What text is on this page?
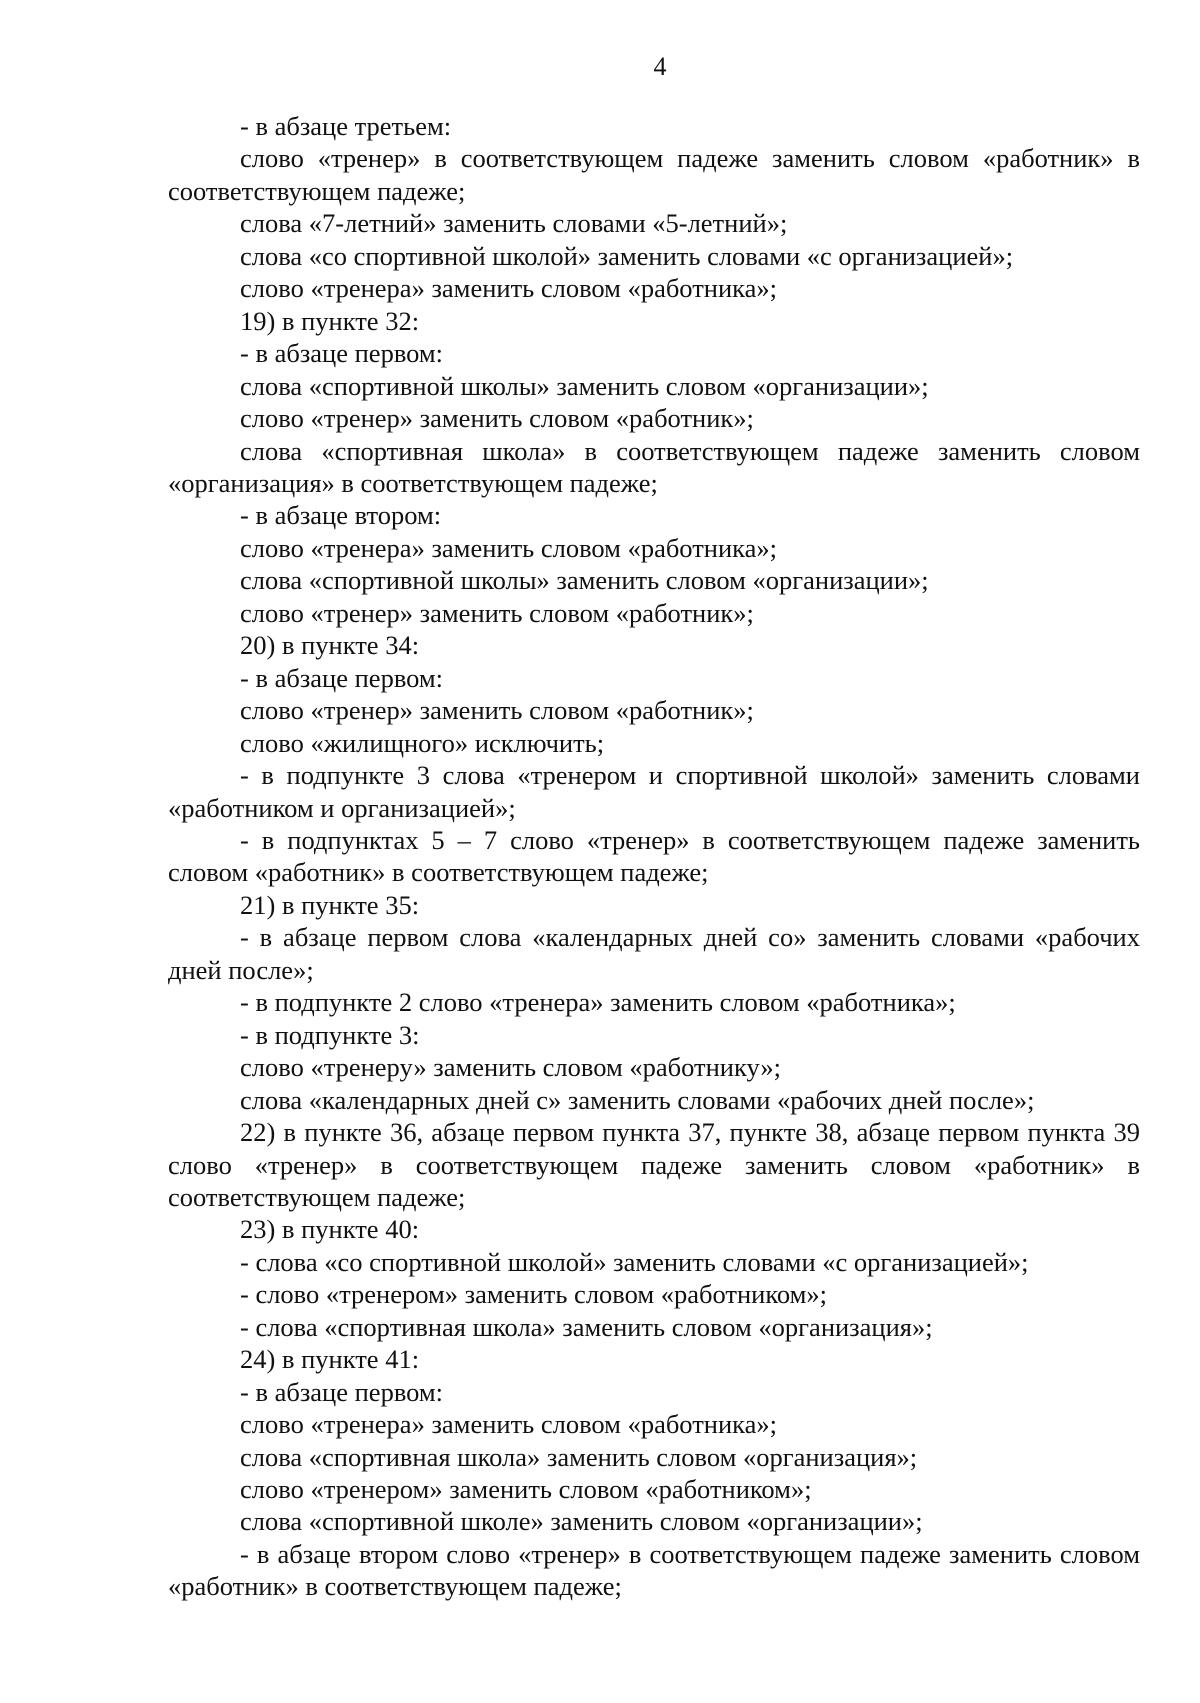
4

- в абзаце третьем:

слово «тренер» в соответствующем падеже заменить словом «работник» в соответствующем падеже;

слова «7-летний» заменить словами «5-летний»;

слова «со спортивной школой» заменить словами «с организацией»;

слово «тренера» заменить словом «работника»;

19) в пункте 32:

- в абзаце первом:

слова «спортивной школы» заменить словом «организации»;

слово «тренер» заменить словом «работник»;

слова «спортивная школа» в соответствующем падеже заменить словом «организация» в соответствующем падеже;

- в абзаце втором:

слово «тренера» заменить словом «работника»;

слова «спортивной школы» заменить словом «организации»;

слово «тренер» заменить словом «работник»;

20) в пункте 34:

- в абзаце первом:

слово «тренер» заменить словом «работник»;

слово «жилищного» исключить;

- в подпункте 3 слова «тренером и спортивной школой» заменить словами «работником и организацией»;

- в подпунктах 5 – 7 слово «тренер» в соответствующем падеже заменить словом «работник» в соответствующем падеже;

21) в пункте 35:

- в абзаце первом слова «календарных дней со» заменить словами «рабочих дней после»;

- в подпункте 2 слово «тренера» заменить словом «работника»;

- в подпункте 3:

слово «тренеру» заменить словом «работнику»;

слова «календарных дней с» заменить словами «рабочих дней после»;

22) в пункте 36, абзаце первом пункта 37, пункте 38, абзаце первом пункта 39 слово «тренер» в соответствующем падеже заменить словом «работник» в соответствующем падеже;

23) в пункте 40:

- слова «со спортивной школой» заменить словами «с организацией»;

- слово «тренером» заменить словом «работником»;

- слова «спортивная школа» заменить словом «организация»;

24) в пункте 41:

- в абзаце первом:

слово «тренера» заменить словом «работника»;

слова «спортивная школа» заменить словом «организация»;

слово «тренером» заменить словом «работником»;

слова «спортивной школе» заменить словом «организации»;

- в абзаце втором слово «тренер» в соответствующем падеже заменить словом «работник» в соответствующем падеже;
